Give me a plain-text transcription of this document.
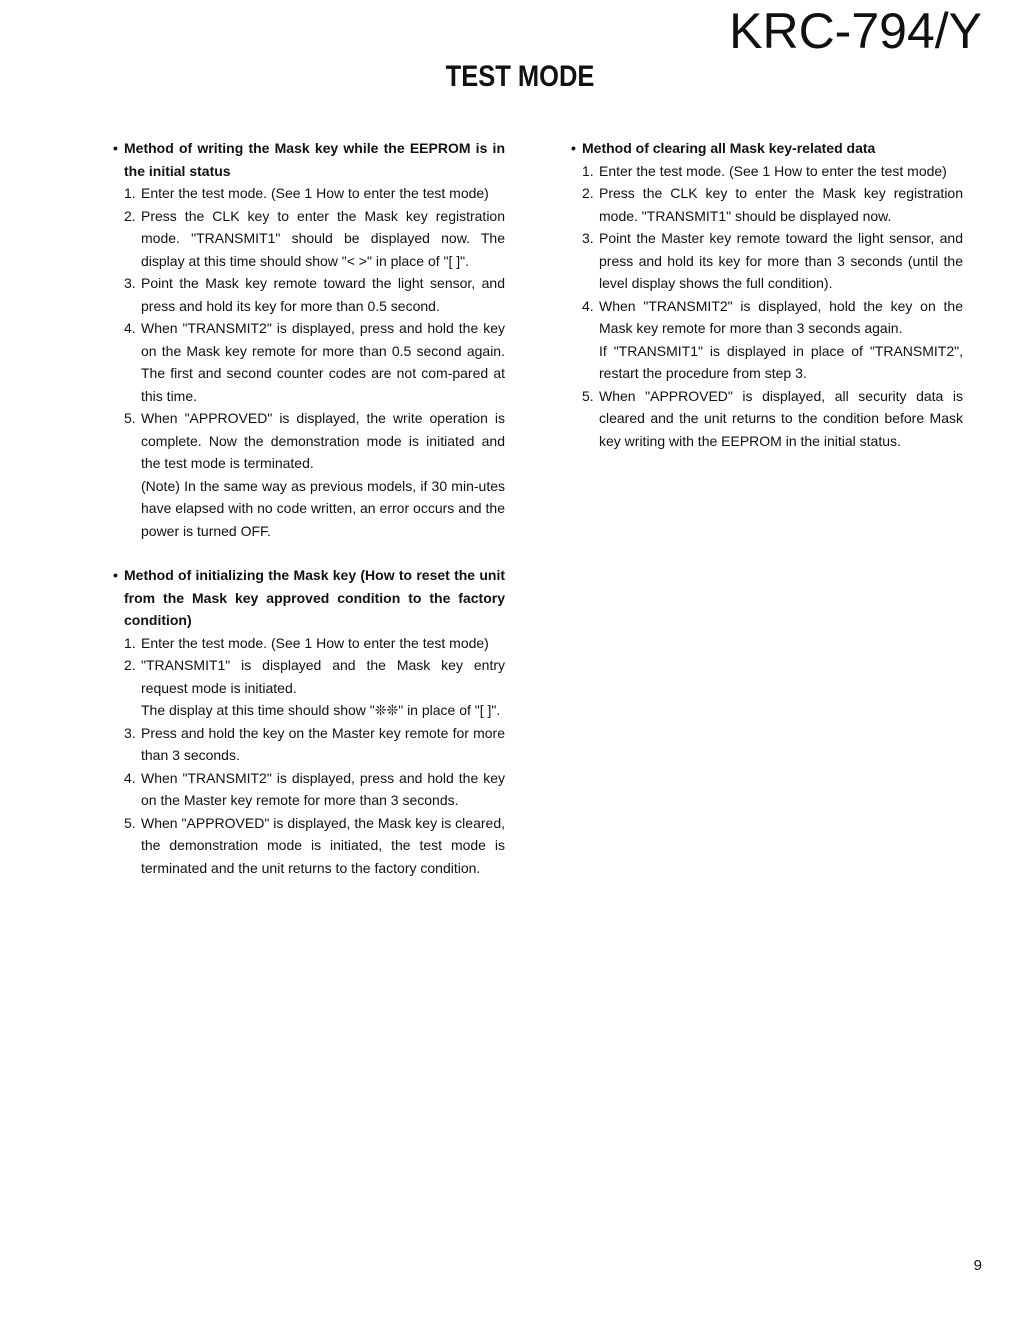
KRC-794/Y
TEST MODE
• Method of writing the Mask key while the EEPROM is in the initial status
1. Enter the test mode. (See 1 How to enter the test mode)
2. Press the CLK key to enter the Mask key registration mode. "TRANSMIT1" should be displayed now. The display at this time should show "< >" in place of "[ ]".
3. Point the Mask key remote toward the light sensor, and press and hold its key for more than 0.5 second.
4. When "TRANSMIT2" is displayed, press and hold the key on the Mask key remote for more than 0.5 second again. The first and second counter codes are not com-pared at this time.
5. When "APPROVED" is displayed, the write operation is complete. Now the demonstration mode is initiated and the test mode is terminated.
(Note) In the same way as previous models, if 30 min-utes have elapsed with no code written, an error occurs and the power is turned OFF.
• Method of initializing the Mask key (How to reset the unit from the Mask key approved condition to the factory condition)
1. Enter the test mode. (See 1 How to enter the test mode)
2. "TRANSMIT1" is displayed and the Mask key entry request mode is initiated.
The display at this time should show "❊❊" in place of "[ ]".
3. Press and hold the key on the Master key remote for more than 3 seconds.
4. When "TRANSMIT2" is displayed, press and hold the key on the Master key remote for more than 3 seconds.
5. When "APPROVED" is displayed, the Mask key is cleared, the demonstration mode is initiated, the test mode is terminated and the unit returns to the factory condition.
• Method of clearing all Mask key-related data
1. Enter the test mode. (See 1 How to enter the test mode)
2. Press the CLK key to enter the Mask key registration mode. "TRANSMIT1" should be displayed now.
3. Point the Master key remote toward the light sensor, and press and hold its key for more than 3 seconds (until the level display shows the full condition).
4. When "TRANSMIT2" is displayed, hold the key on the Mask key remote for more than 3 seconds again.
If "TRANSMIT1" is displayed in place of "TRANSMIT2", restart the procedure from step 3.
5. When "APPROVED" is displayed, all security data is cleared and the unit returns to the condition before Mask key writing with the EEPROM in the initial status.
9
